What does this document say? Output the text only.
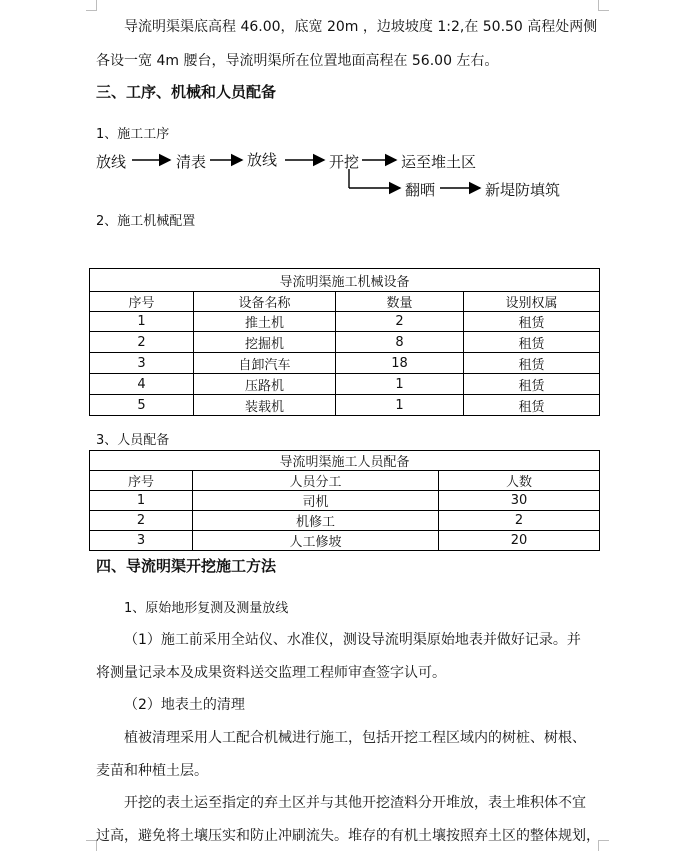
导流明渠渠底高程 46.00，底宽 20m ，边坡坡度 1:2,在 50.50 高程处两侧
各设一宽 4m 腰台，导流明渠所在位置地面高程在 56.00 左右。
三、工序、机械和人员配备
1、施工工序
放线	清表	放线	开挖	运至堆土区
翻晒	新堤防填筑
2、施工机械配置
导流明渠施工机械设备			
序号	设备名称	数量	设别权属
1	推土机	2	租赁
2	挖掘机	8	租赁
3	自卸汽车	18	租赁
4	压路机	1	租赁
5	装载机	1	租赁
3、人员配备
导流明渠施工人员配备		
序号	人员分工	人数
1	司机	30
2	机修工	2
3	人工修坡	20
四、导流明渠开挖施工方法
1、原始地形复测及测量放线
（1）施工前采用全站仪、水准仪，测设导流明渠原始地表并做好记录。并
将测量记录本及成果资料送交监理工程师审查签字认可。
（2）地表土的清理
植被清理采用人工配合机械进行施工，包括开挖工程区域内的树桩、树根、
麦苗和种植土层。
开挖的表土运至指定的弃土区并与其他开挖渣料分开堆放，表土堆积体不宜
过高，避免将土壤压实和防止冲刷流失。堆存的有机土壤按照弃土区的整体规划，
